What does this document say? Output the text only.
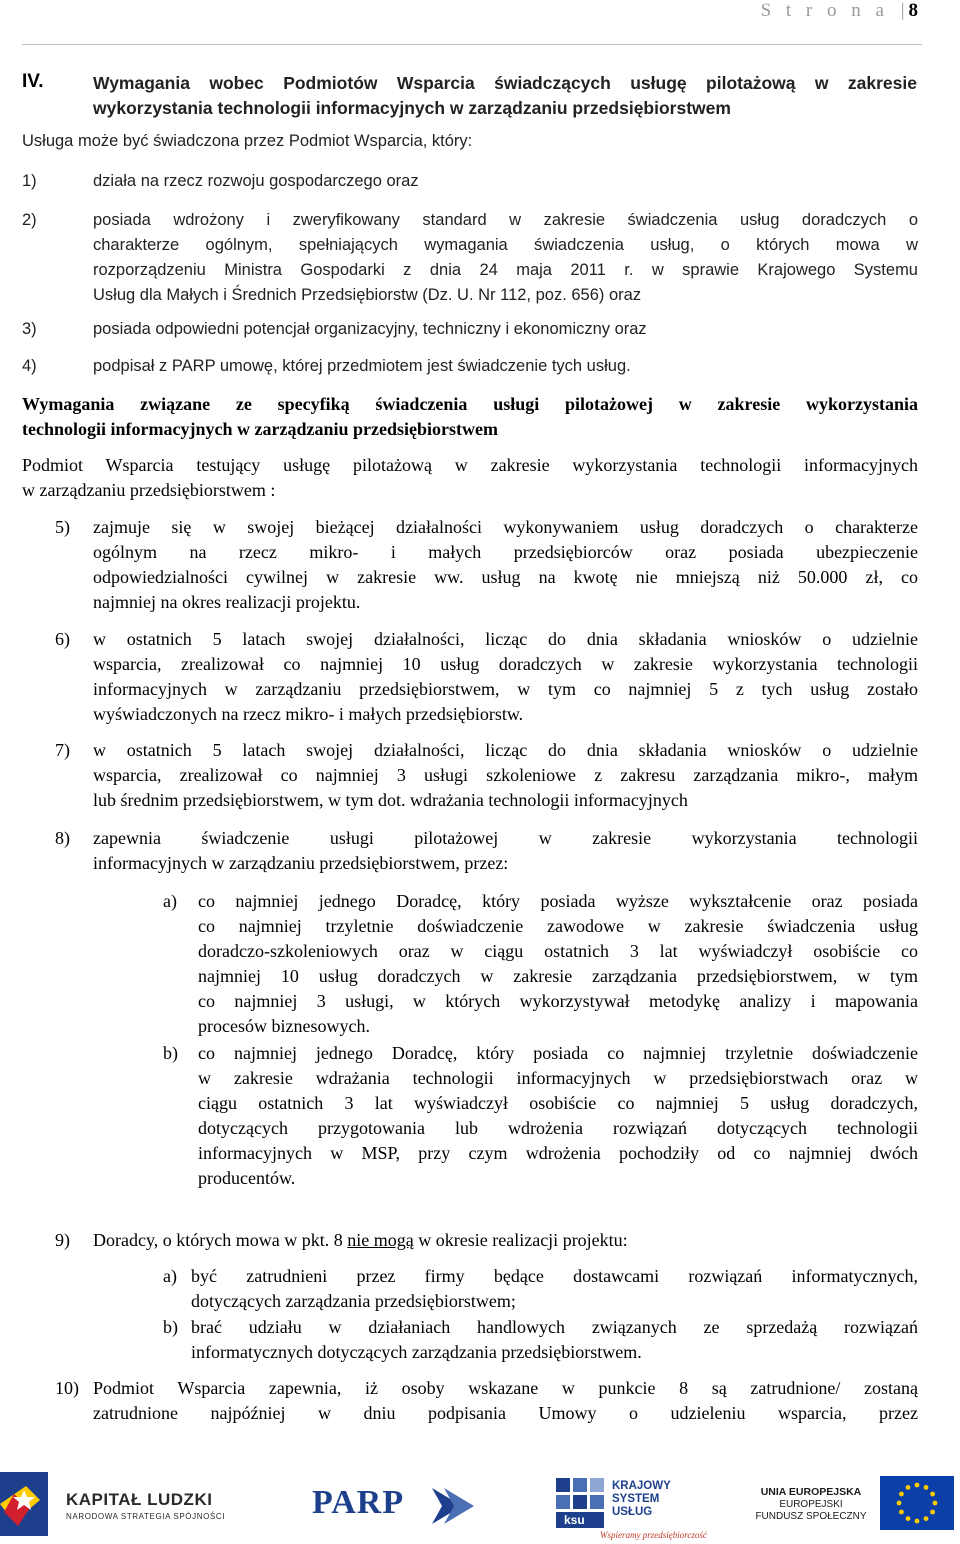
S t r o n a | 8
IV.	Wymagania wobec Podmiotów Wsparcia świadczących usługę pilotażową w zakresie
wykorzystania technologii informacyjnych w zarządzaniu przedsiębiorstwem
Usługa może być świadczona przez Podmiot Wsparcia, który:
1)	działa na rzecz rozwoju gospodarczego oraz
2)	posiada wdrożony i zweryfikowany standard w zakresie świadczenia usług doradczych o
charakterze ogólnym, spełniających wymagania świadczenia usług, o których mowa w
rozporządzeniu Ministra Gospodarki z dnia 24 maja 2011 r. w sprawie Krajowego Systemu
Usług dla Małych i Średnich Przedsiębiorstw (Dz. U. Nr 112, poz. 656) oraz
3)	posiada odpowiedni potencjał organizacyjny, techniczny i ekonomiczny oraz
4)	podpisał z PARP umowę, której przedmiotem jest świadczenie tych usług.
Wymagania związane ze specyfiką świadczenia usługi pilotażowej w zakresie wykorzystania
technologii informacyjnych w zarządzaniu przedsiębiorstwem
Podmiot Wsparcia testujący usługę pilotażową w zakresie wykorzystania technologii informacyjnych
w zarządzaniu przedsiębiorstwem :
5) zajmuje się w swojej bieżącej działalności wykonywaniem usług doradczych o charakterze
ogólnym na rzecz mikro- i małych przedsiębiorców oraz posiada ubezpieczenie
odpowiedzialności cywilnej w zakresie ww. usług na kwotę nie mniejszą niż 50.000 zł, co
najmniej na okres realizacji projektu.
6) w ostatnich 5 latach swojej działalności, licząc do dnia składania wniosków o udzielnie
wsparcia, zrealizował co najmniej 10 usług doradczych w zakresie wykorzystania technologii
informacyjnych w zarządzaniu przedsiębiorstwem, w tym co najmniej 5 z tych usług zostało
wyświadczonych na rzecz mikro- i małych przedsiębiorstw.
7) w ostatnich 5 latach swojej działalności, licząc do dnia składania wniosków o udzielnie
wsparcia, zrealizował co najmniej 3 usługi szkoleniowe z zakresu zarządzania mikro-, małym
lub średnim przedsiębiorstwem, w tym dot. wdrażania technologii informacyjnych
8) zapewnia świadczenie usługi pilotażowej w zakresie wykorzystania technologii
informacyjnych w zarządzaniu przedsiębiorstwem, przez:
a) co najmniej jednego Doradcę, który posiada wyższe wykształcenie oraz posiada
co najmniej trzyletnie doświadczenie zawodowe w zakresie świadczenia usług
doradczo-szkoleniowych oraz w ciągu ostatnich 3 lat wyświadczył osobiście co
najmniej 10 usług doradczych w zakresie zarządzania przedsiębiorstwem, w tym
co najmniej 3 usługi, w których wykorzystywał metodykę analizy i mapowania
procesów biznesowych.
b) co najmniej jednego Doradcę, który posiada co najmniej trzyletnie doświadczenie
w zakresie wdrażania technologii informacyjnych w przedsiębiorstwach oraz w
ciągu ostatnich 3 lat wyświadczył osobiście co najmniej 5 usług doradczych,
dotyczących przygotowania lub wdrożenia rozwiązań dotyczących technologii
informacyjnych w MSP, przy czym wdrożenia pochodziły od co najmniej dwóch
producentów.
9) Doradcy, o których mowa w pkt. 8 nie mogą w okresie realizacji projektu:
a) być zatrudnieni przez firmy będące dostawcami rozwiązań informatycznych,
dotyczących zarządzania przedsiębiorstwem;
b) brać udziału w działaniach handlowych związanych ze sprzedażą rozwiązań
informatycznych dotyczących zarządzania przedsiębiorstwem.
10) Podmiot Wsparcia zapewnia, iż osoby wskazane w punkcie 8 są zatrudnione/ zostaną
zatrudnione najpóźniej w dniu podpisania Umowy o udzieleniu wsparcia, przez
KAPITAŁ LUDZKI
NARODOWA STRATEGIA SPÓJNOŚCI	PARP	ksu
KRAJOWY
SYSTEM
USŁUG
Wspieramy przedsiębiorczość
UNIA EUROPEJSKA
EUROPEJSKI
FUNDUSZ SPOŁECZNY
